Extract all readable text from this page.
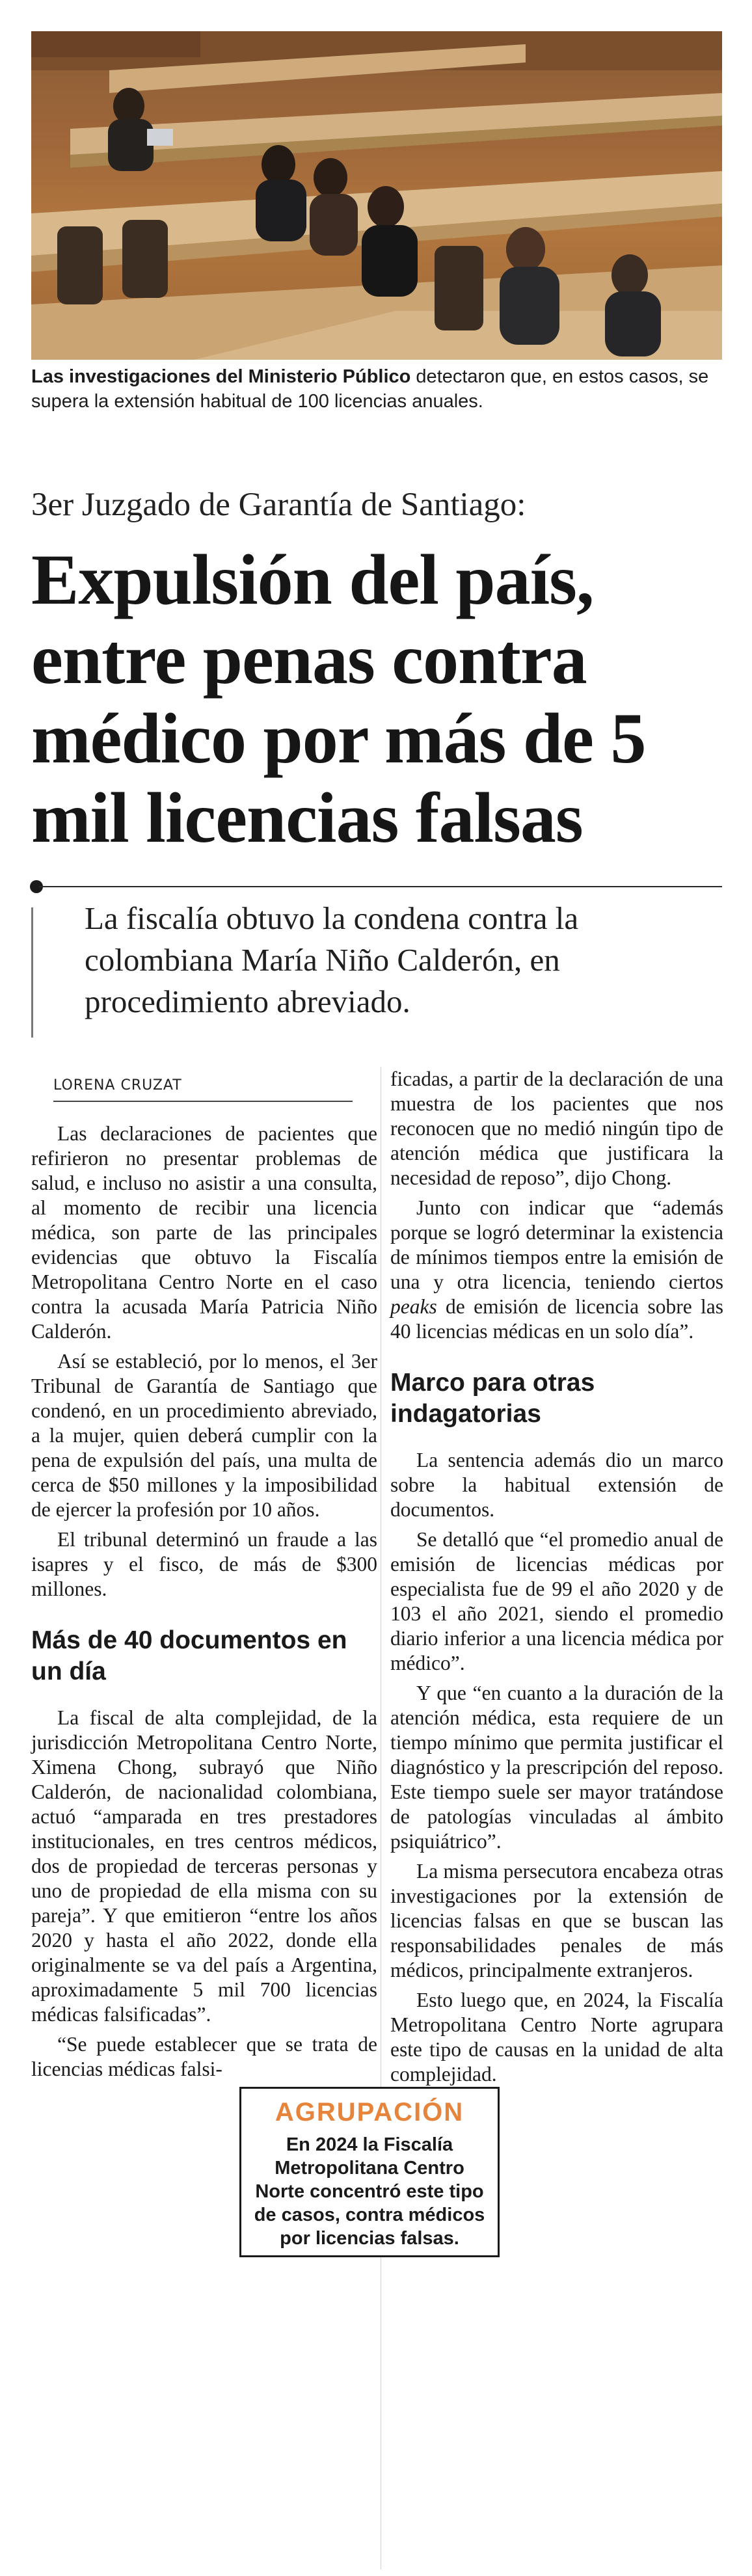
HECTOR FLORES SCROFFT
Las investigaciones del Ministerio Público detectaron que, en estos casos, se supera la extensión habitual de 100 licencias anuales.
3er Juzgado de Garantía de Santiago:
Expulsión del país, entre penas contra médico por más de 5 mil licencias falsas
La fiscalía obtuvo la condena contra la colombiana María Niño Calderón, en procedimiento abreviado.
LORENA CRUZAT

Las declaraciones de pacientes que refirieron no presentar problemas de salud, e incluso no asistir a una consulta, al momento de recibir una licencia médica, son parte de las principales evidencias que obtuvo la Fiscalía Metropolitana Centro Norte en el caso contra la acusada María Patricia Niño Calderón.

Así se estableció, por lo menos, el 3er Tribunal de Garantía de Santiago que condenó, en un procedimiento abreviado, a la mujer, quien deberá cumplir con la pena de expulsión del país, una multa de cerca de $50 millones y la imposibilidad de ejercer la profesión por 10 años.

El tribunal determinó un fraude a las isapres y el fisco, de más de $300 millones.

Más de 40 documentos en un día

La fiscal de alta complejidad, de la jurisdicción Metropolitana Centro Norte, Ximena Chong, subrayó que Niño Calderón, de nacionalidad colombiana, actuó “amparada en tres prestadores institucionales, en tres centros médicos, dos de propiedad de terceras personas y uno de propiedad de ella misma con su pareja”. Y que emitieron “entre los años 2020 y hasta el año 2022, donde ella originalmente se va del país a Argentina, aproximadamente 5 mil 700 licencias médicas falsificadas”.

“Se puede establecer que se trata de licencias médicas falsi-

ficadas, a partir de la declaración de una muestra de los pacientes que nos reconocen que no medió ningún tipo de atención médica que justificara la necesidad de reposo”, dijo Chong.

Junto con indicar que “además porque se logró determinar la existencia de mínimos tiempos entre la emisión de una y otra licencia, teniendo ciertos peaks de emisión de licencia sobre las 40 licencias médicas en un solo día”.

Marco para otras indagatorias

La sentencia además dio un marco sobre la habitual extensión de documentos.

Se detalló que “el promedio anual de emisión de licencias médicas por especialista fue de 99 el año 2020 y de 103 el año 2021, siendo el promedio diario inferior a una licencia médica por médico”.

Y que “en cuanto a la duración de la atención médica, esta requiere de un tiempo mínimo que permita justificar el diagnóstico y la prescripción del reposo. Este tiempo suele ser mayor tratándose de patologías vinculadas al ámbito psiquiátrico”.

La misma persecutora encabeza otras investigaciones por la extensión de licencias falsas en que se buscan las responsabilidades penales de más médicos, principalmente extranjeros.

Esto luego que, en 2024, la Fiscalía Metropolitana Centro Norte agrupara este tipo de causas en la unidad de alta complejidad.

AGRUPACIÓN
En 2024 la Fiscalía Metropolitana Centro Norte concentró este tipo de casos, contra médicos por licencias falsas.
